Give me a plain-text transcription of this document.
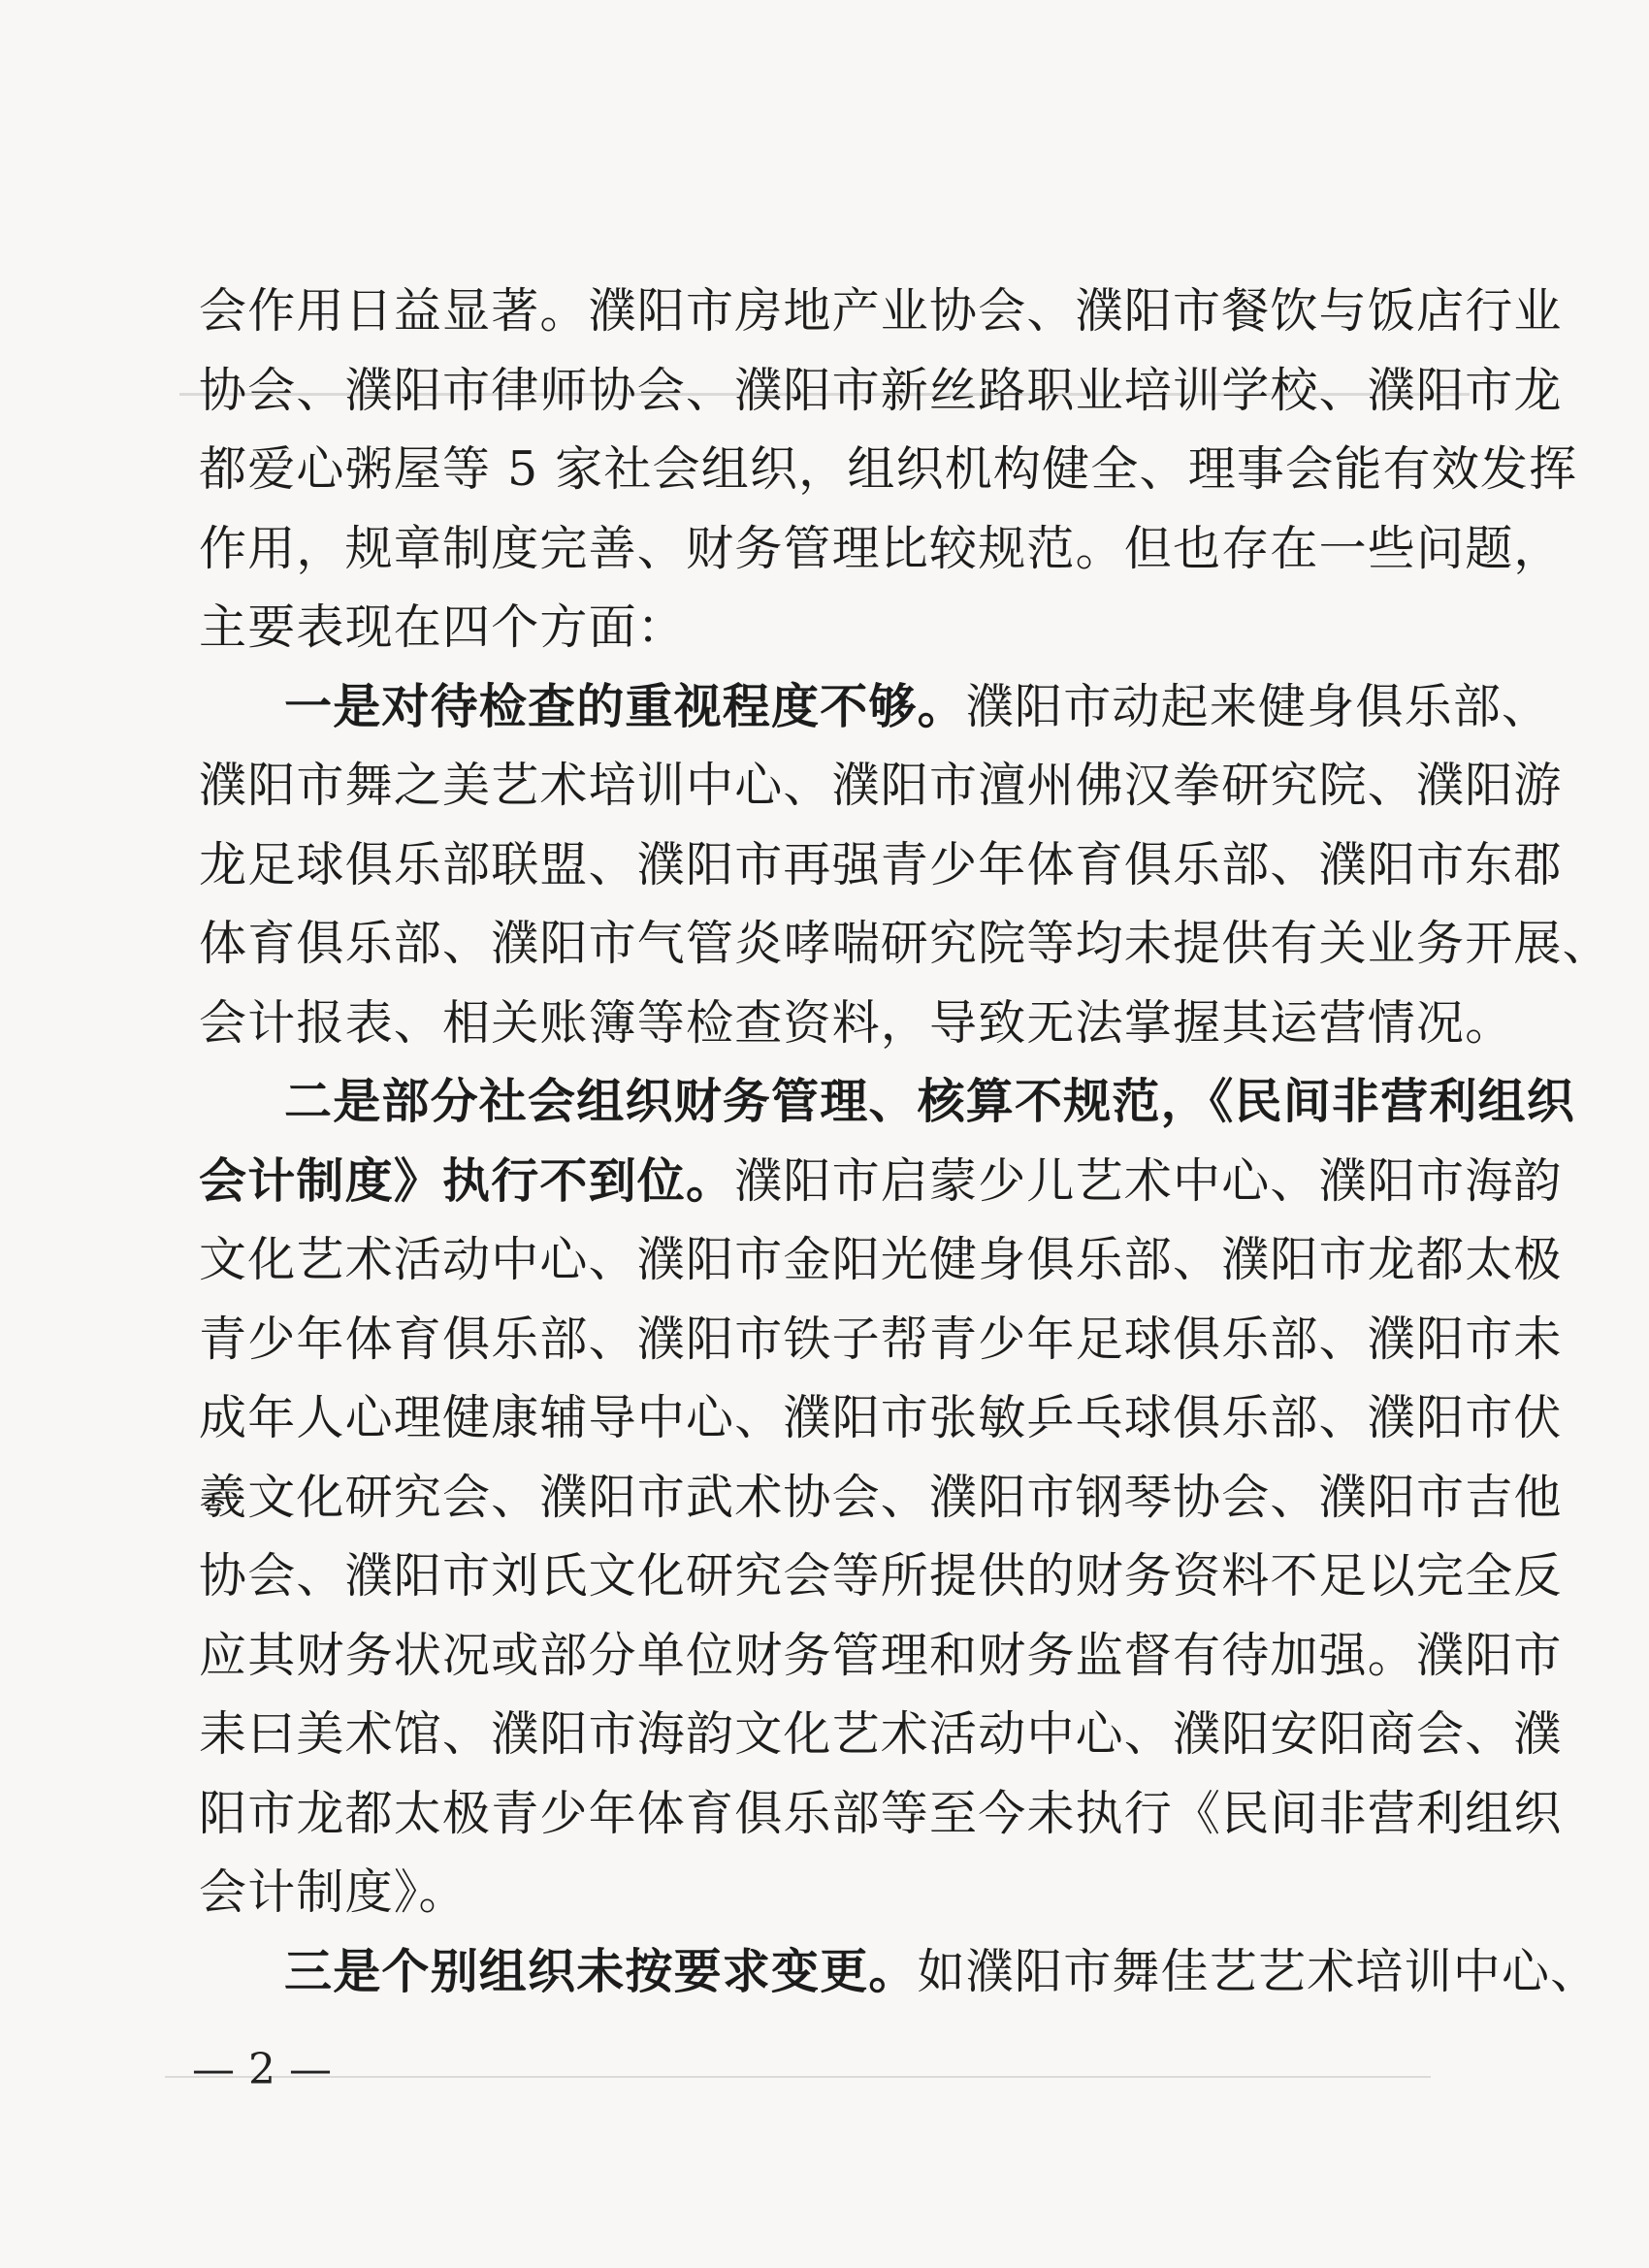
会作用日益显著。濮阳市房地产业协会、濮阳市餐饮与饭店行业
协会、濮阳市律师协会、濮阳市新丝路职业培训学校、濮阳市龙
都爱心粥屋等 5 家社会组织，组织机构健全、理事会能有效发挥
作用，规章制度完善、财务管理比较规范。但也存在一些问题，
主要表现在四个方面：
一是对待检查的重视程度不够。濮阳市动起来健身俱乐部、
濮阳市舞之美艺术培训中心、濮阳市澶州佛汉拳研究院、濮阳游
龙足球俱乐部联盟、濮阳市再强青少年体育俱乐部、濮阳市东郡
体育俱乐部、濮阳市气管炎哮喘研究院等均未提供有关业务开展、
会计报表、相关账簿等检查资料，导致无法掌握其运营情况。
二是部分社会组织财务管理、核算不规范，《民间非营利组织
会计制度》执行不到位。濮阳市启蒙少儿艺术中心、濮阳市海韵
文化艺术活动中心、濮阳市金阳光健身俱乐部、濮阳市龙都太极
青少年体育俱乐部、濮阳市铁子帮青少年足球俱乐部、濮阳市未
成年人心理健康辅导中心、濮阳市张敏乒乓球俱乐部、濮阳市伏
羲文化研究会、濮阳市武术协会、濮阳市钢琴协会、濮阳市吉他
协会、濮阳市刘氏文化研究会等所提供的财务资料不足以完全反
应其财务状况或部分单位财务管理和财务监督有待加强。濮阳市
耒曰美术馆、濮阳市海韵文化艺术活动中心、濮阳安阳商会、濮
阳市龙都太极青少年体育俱乐部等至今未执行《民间非营利组织
会计制度》。
三是个别组织未按要求变更。如濮阳市舞佳艺艺术培训中心、
— 2 —
